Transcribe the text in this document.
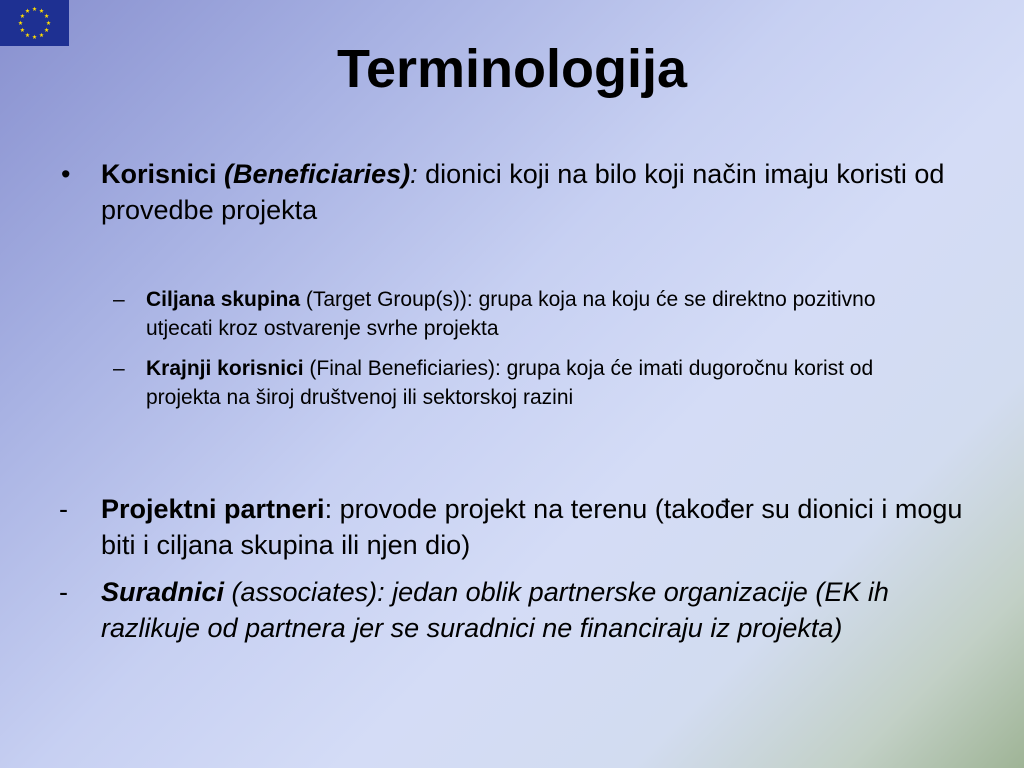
Terminologija
• Korisnici (Beneficiaries): dionici koji na bilo koji način imaju koristi od provedbe projekta
– Ciljana skupina (Target Group(s)): grupa koja na koju će se direktno pozitivno utjecati kroz ostvarenje svrhe projekta
– Krajnji korisnici (Final Beneficiaries): grupa koja će imati dugoročnu korist od projekta na široj društvenoj ili sektorskoj razini
- Projektni partneri: provode projekt na terenu (također su dionici i mogu biti i ciljana skupina ili njen dio)
- Suradnici (associates): jedan oblik partnerske organizacije (EK ih razlikuje od partnera jer se suradnici ne financiraju iz projekta)
